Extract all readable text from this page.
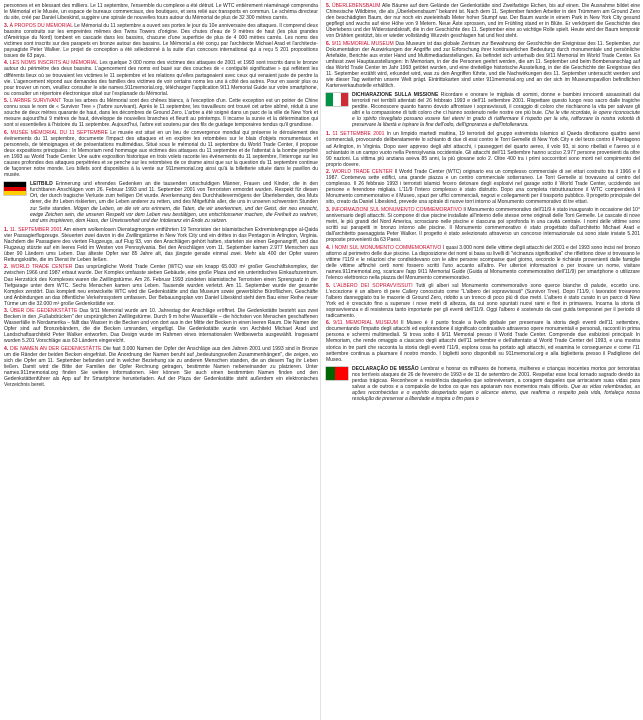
personnes et en blessant des milliers. Le 11 septembre, l'ensemble du complexe a été détruit. Le WTC entièrement réaménagé comprendra le Mémorial et le Musée, un espace de bureaux commerciaux, des boutiques, et sera relié aux transports en commun. Le schéma directeur du site, créé par Daniel Libeskind, suggère une spirale de nouvelles tours autour du Mémorial de plus de 32 300 mètres carrés.

3. À PROPOS DU MÉMORIAL Le Mémorial du 11 septembre a ouvert ses portes le jour du 10e anniversaire des attaques. Il comprend deux bassins construits sur les empreintes mêmes des Twins Towers d'origine. Des chutes d'eau de 9 mètres de haut (les plus grandes d'Amérique du Nord) tombent en cascade dans les bassins, chacune d'une superficie de plus de 4 000 mètres carrés. Les noms des victimes sont inscrits sur des parapets en bronze autour des bassins. Le Mémorial a été conçu par l'architecte Michael Arad et l'architecte-paysagiste Peter Walker. Le projet de conception a été sélectionné à la suite d'un concours international qui a reçu 5 201 propositions issues de 63 pays.

4. LES NOMS INSCRITS AU MÉMORIAL Les quelque 3 000 noms des victimes des attaques de 2001 et 1993 sont inscrits dans le bronze autour du périmètre des deux bassins. L'agencement des noms est basé sur des couches de « contiguïté significative » qui reflètent les différents lieux où se trouvaient les victimes le 11 septembre et les relations qu'elles partageaient avec ceux qui venaient juste de perdre la vie. L'agencement répond aux demandes des familles des victimes de voir certains noms les uns à côté des autres. Pour en savoir plus ou pour trouver un nom, veuillez consulter le site names.911memorial.org, télécharger l'application 9/11 Memorial Guide sur votre smartphone, ou consulter un répertoire électronique situé sur l'esplanade du Mémorial.

5. L'ARBRE SURVIVANT Tous les arbres du Mémorial sont des chênes blancs, à l'exception d'un. Cette exception est un poirier de Chine connu sous le nom de « Survivor Tree » (l'arbre survivant). Après le 11 septembre, les travailleurs ont trouvé cet arbre abîmé, réduit à une souche de deux mètres quarante de haut, dans les décombres de Ground Zero. L'arbre a été soigné dans un parc de la ville de New York et mesure aujourd'hui 9 mètres de haut, développe de nouvelles branches et fleurit au printemps. Il incarne la survie et la détermination qui sont si essentielles à l'histoire du 11 septembre. Aujourd'hui, l'arbre est soutenu par des fils de guidage temporaires tendus qu'il grandisse.

6. MUSÉE MÉMORIAL DU 11 SEPTEMBRE Le musée est situé en un lieu de convergence mondial qui préserve le déroulement des événements du 11 septembre, documente l'impact des attaques et en explore les retombées sur le blais d'objets monumentaux et personnels, de témoignages et de présentations multimédias. Situé sous le mémorial du 11 septembre du World Trade Center, il propose deux expositions principales : In Memoriam rend hommage aux victimes des attaques du 11 septembre et de l'attentat à la bombe perpétré en 1993 au World Trade Center. Une autre exposition historique en trois volets raconte les événements du 11 septembre, l'interroge sur les causes profondes des attaques perpétrées et se penche sur les retombées de ce drame ainsi que sur la question du 11 septembre continue de façonner notre monde. Les billets sont disponibles à la vente sur 911memorial.org ainsi qu'à la billetterie située dans le pavillon du musée.

LEITBILD Erinnerung und ehrendes Gedenken an die tausenden unschuldigen Männer, Frauen und Kinder, die in den furchtbaren Anschlägen vom 26. Februar 1993 und 11. September 2001 von Terroristen ermordet wurden. Respekt für diesen Ort, der durch tragische Verluste zum heiligen Ort wurde. Anerkennung des Durchhaltevermögens der Überlebenden, des Muts derer, die ihr Leben riskierten, um die Leben anderer zu retten, und des Mitgefühls aller, die uns in unseren schwersten Stunden zur Seite standen. Mögen die Leben, an die wir uns erinnern, die Taten, die wir anerkennen, und der Geist, der neu erwacht, ewige Zeichen sein, die unseren Respekt vor dem Leben neu bestätigen, uns entschlossener machen, die Freiheit zu wahren, und uns inspirieren, dem Hass, der Unwissenheit und der Intoleranz ein Ende zu setzen.

1. 11. SEPTEMBER 2001 Am einem wolkenlosen Dienstagmorgen entführten 19 Terroristen der islamistischen Extremistengruppe al-Qaida vier Passagierflugzeuge. Steuerten zwei davon in die Zwillingstürme in New York City und ein drittes in das Pentagon in Arlington, Virginia. Nachdem die Passagiere des vierten Flugzeugs, auf Flug 93, von den Anschlägen gehört hatten, starteten sie einen Gegenangriff, und das Flugzeug stürzte auf ein leeres Feld im Westen von Pennsylvania. Bei den Anschlägen vom 11. September kamen 2.977 Menschen aus über 90 Ländern ums Leben. Das älteste Opfer war 85 Jahre alt, das jüngste gerade einmal zwei. Mehr als 400 der Opfer waren Rettungskräfte, die im Dienst ihr Leben ließen.

2. WORLD TRADE CENTER Das ursprüngliche World Trade Center (WTC) war ein knapp 65.000 m² großer Geschäftskomplex, der zwischen 1966 und 1987 erbaut wurde. Der Komplex umfasste sieben Gebäude, eine große Plaza und ein unterirdisches Einkaufszentrum. Das Herzstück des Komplexes waren die Zwillingstürme. Am 26. Februar 1993 zündeten islamistische Terroristen einen Sprengsatz in der Tiefgarage unter dem WTC. Sechs Menschen kamen ums Leben. Tausende wurden verletzt. Am 11. September wurde der gesamte Komplex zerstört. Das komplett neu entwickelte WTC wird die Gedenkstätte und das Museum sowie gewerbliche Büroflächen, Geschäfte und Anbindungen an das öffentliche Verkehrssystem umfassen. Der Bebauungsplan von Daniel Libeskind sieht dem Bau einer Reihe neuer Türme um die 32.000 m² große Gedenkstätte vor.

3. ÜBER DIE GEDENKSTÄTTE Das 9/11 Memorial wurde am 10. Jahrestag der Anschläge eröffnet. Die Gedenkstätte besteht aus zwei Becken in den „Fußabdrücken" der ursprünglichen Zwillingstürme. Durch 9 m hohe Wasserfälle – die höchsten von Menschen geschaffenen Wasserfälle in Nordamerika – fällt das Wasser in die Becken und von dort aus in der Mitte der Becken in einen leeren Raum. Die Namen der Opfer sind auf Bronzebändern, die die Becken umranden, eingefügt. Die Gedenkstätte wurde von Architekt Michael Arad und Landschaftsarchitekt Peter Walker entworfen. Das Design wurde im Rahmen eines internationalen Wettbewerbs ausgewählt. Insgesamt wurden 5.201 Vorschläge aus 63 Ländern eingereicht.

4. DIE NAMEN AN DER GEDENKSTÄTTE Die fast 3.000 Namen der Opfer der Anschläge aus den Jahren 2001 und 1993 sind in Bronze um die Ränder der beiden Becken eingefräst. Die Anordnung der Namen beruht auf „bedeutungsvollen Zusammenhängen", die zeigen, wo sich die Opfer am 11. September befanden und in welcher Beziehung sie zu anderen Menschen standen, die an diesem Tag ihr Leben ließen. Damit wird die Bitte der Familien der Opfer Rechnung getragen, bestimmte Namen nebeneinander zu platzieren. Unter names.911memorial.org finden Sie weitere Informationen. Hier können Sie auch einen bestimmten Namen finden und den Gedenkstättenführer als App auf Ihr Smartphone herunterladen. Auf der Plaza der Gedenkstätte steht außerdem ein elektronisches Verzeichnis bereit.

5. ÜBERLEBENSBAUM Alle Bäume auf dem Gelände der Gedenkstätte sind Zweifarbige Eichen, bis auf einen. Die Ausnahme bildet eine Chinesische Wildbirne, die als „Überlebensbaum" bekannt ist. Nach dem 11. September fanden Arbeiter in den Trümmern am Ground Zero den beschädigten Baum, der nur noch ein zweieinhalb Meter hoher Stumpf war. Der Baum wurde in einem Park in New York City gesund gepflegt und wuchs auf eine Höhe von 9 Metern. Neue Äste sprossen, und im Frühling stand er in Blüte. Er verkörpert die Geschichte des Überlebens und der Widerstandskraft, die in der Geschichte des 11. September eine so wichtige Rolle spielt. Heute wird der Baum temporär von Drähten gestützt, bis er wieder vollständig Wurzeln geschlagen hat und fest steht.

6. 9/11 MEMORIAL MUSEUM Das Museum ist das globale Zentrum zur Bewahrung der Geschichte der Ereignisse des 11. September, zur Dokumentation der Auswirkungen der Angriffe und zur Erforschung ihrer kontinuierlichen Bedeutung durch monumentale und persönliche Artefakte, Berichte aus erster Hand und Multimediadarstellungen. Es befindet sich unterhalb des 9/11 Memorial im World Trade Center. Es umfasst zwei Hauptausstellungen: In Memoriam, in der die Personen geehrt werden, die am 11. September und beim Bombenanschlag auf das World Trade Center im Jahr 1993 getötet wurden, und eine dreiteilige historische Ausstellung, in der die Geschichte der Ereignisse des 11. September erzählt wird, erkundet wird, was zu den Angriffen führte, und die Nachwirkungen des 11. September untersucht werden und wie dieser Tag weiterhin unsere Welt prägt. Eintrittskarten sind unter 911memorial.org und an der sich im Museumspavillon befindlichen Kartenverkaufsstelle erhältlich.

DICHIARAZIONE SULLA MISSIONE Ricordare e onorare le migliaia di uomini, donne e bambini innocenti assassinati dai terroristi nei terribili attentati del 26 febbraio 1993 e dell'11 settembre 2001. Rispettare questo luogo reso sacro dalle tragiche perdite. Riconoscere quanto hanno dovuto affrontare i sopravvissuti, il coraggio di coloro che rischiarono la vita per salvare gli altri e la compassione di tutti coloro che ci hanno sostenuto nelle nostre ore più buie. Che le vite ricordate, le opere riconosciute e lo spirito risvegliato possano essere fari eterni in grado di riaffermare il rispetto per la vita, rafforzare la nostra volontà di preservare la libertà e ispirare la fine dell'odio, dell'ignoranza e dell'intolleranza.

1. 11 SETTEMBRE 2001 In un limpido martedì mattina, 19 terroristi del gruppo estremista islamico al Qaeda dirottarono quattro aerei commerciali, provocando deliberatamente lo schianto di due di essi contro le Torri Gemelle di New York City e del terzo contro il Pentagono ad Arlington, in Virginia. Dopo aver appreso degli altri attacchi, i passeggeri del quarto aereo, il volo 93, si sono ribellati e l'aereo si è schiantato in un campo vuoto nella Pennsylvania occidentale. Gli attacchi dell'11 Settembre hanno ucciso 2.977 persone provenienti da oltre 90 nazioni. La vittima più anziana aveva 85 anni, la più giovane solo 2. Oltre 400 tra i primi soccorritori sono morti nel compimento del proprio dovere.

2. WORLD TRADE CENTER Il World Trade Center (WTC) originario era un complesso commerciale di sei ettari costruito tra il 1966 e il 1987. Conteneva sette edifici, una grande piazza e un centro commerciale sotterraneo. Le Torri Gemelle si trovavano al centro del complesso. Il 26 febbraio 1993 i terroristi islamici fecero detonare degli esplosivi nel garage sotto il World Trade Center, uccidendo sei persone e ferendone migliaia. L'11/9 l'intero complesso è stato distrutto. Dopo una completa ristrutturazione il WTC comprenderà il Monumento commemorativo e il Museo, spazi per uffici commerciali, negozi e collegamenti per il trasporto pubblico. Il progetto principale del sito, creato da Daniel Libeskind, prevede una spirale di nuove torri intorno al Monumento commemorativo di tre ettari.

3. INFORMAZIONI SUL MONUMENTO COMMEMORATIVO Il Monumento commemorativo dell'11/9 è stato inaugurato in occasione del 10° anniversario degli attacchi. Si compone di due piscine installate all'interno delle stesse orme originali delle Torri Gemelle. Le cascate di nove metri, le più grandi del Nord America, scrosciano nelle piscine e ciascuna poi sprofonda in una cavità centrale. I nomi delle vittime sono scritti sui parapetti in bronzo intorno alle piscine. Il Monumento commemorativo è stato progettato dall'architetto Michael Arad e dall'architetto paesaggista Peter Walker. Il progetto è stato selezionato attraverso un concorso internazionale cui sono state inviate 5.201 proposte provenienti da 63 Paesi.

4. I NOMI SUL MONUMENTO COMMEMORATIVO I quasi 3.000 nomi delle vittime degli attacchi del 2001 e del 1993 sono incisi nel bronzo attorno al perimetro delle due piscine. La disposizione dei nomi si basa su livelli di "vicinanza significativa" che riflettono dove si trovavano le vittime l'11/9 e le relazioni che condividevano con le altre persone scomparse quel giorno, secondo le richieste provenienti dalle famiglie delle vittime affinché certi nomi fossero scritti l'uno accanto all'altro. Per ulteriori informazioni o per trovare un nome, visitare names.911memorial.org, scaricare l'app 9/11 Memorial Guide (Guida al Monumento commemorativo dell'11/9) per smartphone o utilizzare l'elenco elettronico nella piazza del Monumento commemorativo.

5. L'ALBERO DEI SOPRAVVISSUTI Tutti gli alberi sul Monumento commemorativo sono querce bianche di palude, eccetto uno. L'eccezione è un albero di pere Callery conosciuto come "L'albero dei sopravvissuti" (Survivor Tree). Dopo l'11/9, i lavoratori trovarono l'albero danneggiato tra le macerie di Ground Zero, ridotto a un tronco di poco più di due metri. L'albero è stato curato in un parco di New York ed è cresciuto fino a superare i nove metri di altezza, da cui sono spuntati nuovi rami e fiori in primavera. Incarna la storia di sopravvivenza e di resistenza tanto importante per gli eventi dell'11/9. Oggi l'albero è sostenuto da cavi guida temporanei per il periodo di radicamento.

6. 9/11 MEMORIAL MUSEUM Il Museo è il punto focale a livello globale per preservare la storia degli eventi dell'11 settembre, documentando l'impatto degli attacchi ed esplorandone il significato continuativo attraverso opere monumentali e personali, racconti in prima persona e schermi multimediali. Si trova sotto il 9/11 Memorial presso il World Trade Center. Comprende due esibizioni principali: In Memoriam, che rende omaggio a ciascuno degli attacchi dell'11 settembre e dell'attentato al World Trade Center del 1993, e una mostra storica in tre parti che racconta la storia degli eventi l'11/9, esplora cosa ha portato agli attacchi, ed esamina le conseguenze e come l'11 settembre continua a plasmare il nostro mondo. I biglietti sono disponibili su 911memorial.org e alla biglietteria presso il Padiglione del Museo.

DECLARAÇÃO DE MISSÃO Lembrar e honrar os milhares de homens, mulheres e crianças inocentes mortos por terroristas nos terríveis ataques de 26 de fevereiro de 1993 e de 11 de setembro de 2001. Respeitar esse local tornado sagrado devido às perdas trágicas. Reconhecer a resistência daqueles que sobreviveram, a coragem daqueles que arriscaram suas vidas para salvar a de outros e a compaixão de todos os que nos apoiaram nos momentos mais difíceis. Que as vidas relembradas, as ações reconhecidas e o espírito despertado sejam o alicerce eterno, que reafirma o respeito pela vida, fortaleça nossa resolução de preservar a liberdade e inspira o fim para o
